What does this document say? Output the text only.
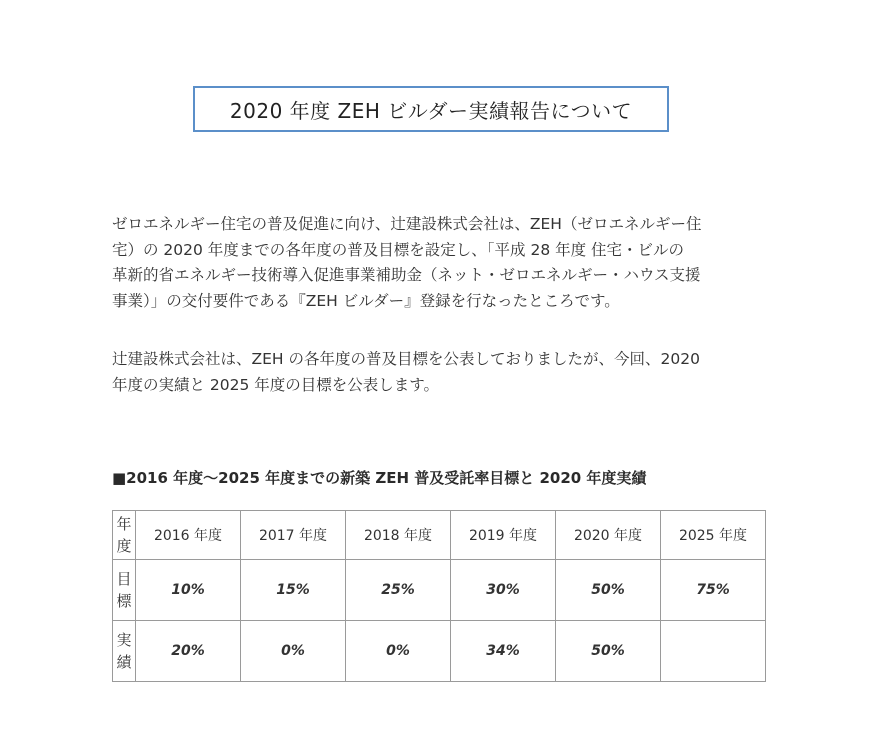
2020 年度 ZEH ビルダー実績報告について
ゼロエネルギー住宅の普及促進に向け、辻建設株式会社は、ZEH（ゼロエネルギー住
宅）の 2020 年度までの各年度の普及目標を設定し、「平成 28 年度 住宅・ビルの
革新的省エネルギー技術導入促進事業補助金（ネット・ゼロエネルギー・ハウス支援
事業）」の交付要件である『ZEH ビルダー』登録を行なったところです。
辻建設株式会社は、ZEH の各年度の普及目標を公表しておりましたが、今回、2020
年度の実績と 2025 年度の目標を公表します。
■2016 年度～2025 年度までの新築 ZEH 普及受託率目標と 2020 年度実績
年
度	2016 年度	2017 年度	2018 年度	2019 年度	2020 年度	2025 年度

目
標	10%	15%	25%	30%	50%	75%

実
績	20%	0%	0%	34%	50%	
